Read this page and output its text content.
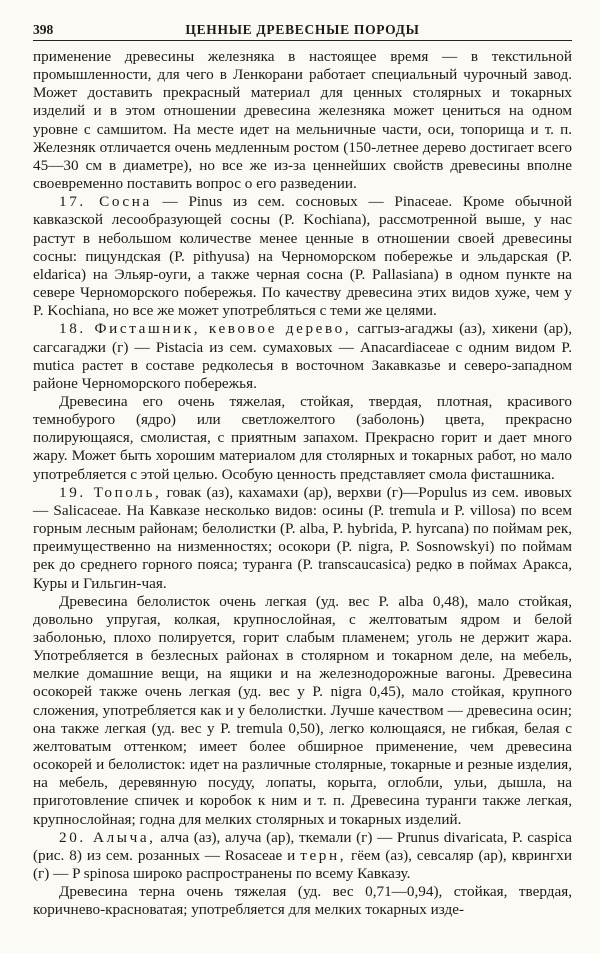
398	ЦЕННЫЕ ДРЕВЕСНЫЕ ПОРОДЫ

применение древесины железняка в настоящее время — в текстильной промышленности, для чего в Ленкорани работает специальный чурочный завод. Может доставить прекрасный материал для ценных столярных и токарных изделий и в этом отношении древесина железняка может цениться на одном уровне с самшитом. На месте идет на мельничные части, оси, топорища и т. п. Железняк отличается очень медленным ростом (150-летнее дерево достигает всего 45—30 см в диаметре), но все же из-за ценнейших свойств древесины вполне своевременно поставить вопрос о его разведении.

17. Сосна — Pinus из сем. сосновых — Pinaceae. Кроме обычной кавказской лесообразующей сосны (P. Kochiana), рассмотренной выше, у нас растут в небольшом количестве менее ценные в отношении своей древесины сосны: пицундская (P. pithyusa) на Черноморском побережье и эльдарская (P. eldarica) на Эльяр-оуги, а также черная сосна (P. Pallasiana) в одном пункте на севере Черноморского побережья. По качеству древесина этих видов хуже, чем у P. Kochiana, но все же может употребляться с теми же целями.

18. Фисташник, кевовое дерево, саггыз-агаджы (аз), хикени (ар), сагсагаджи (г) — Pistacia из сем. сумаховых — Anacardiaceae с одним видом P. mutica растет в составе редколесья в восточном Закавказье и северо-западном районе Черноморского побережья.

Древесина его очень тяжелая, стойкая, твердая, плотная, красивого темнобурого (ядро) или светложелтого (заболонь) цвета, прекрасно полирующаяся, смолистая, с приятным запахом. Прекрасно горит и дает много жару. Может быть хорошим материалом для столярных и токарных работ, но мало употребляется с этой целью. Особую ценность представляет смола фисташника.

19. Тополь, говак (аз), кахамахи (ар), верхви (г)—Populus из сем. ивовых — Salicaceae. На Кавказе несколько видов: осины (P. tremula и P. villosa) по всем горным лесным районам; белолистки (P. alba, P. hybrida, P. hyrcana) по поймам рек, преимущественно на низменностях; осокори (P. nigra, P. Sosnowskyi) по поймам рек до среднего горного пояса; туранга (P. transcaucasica) редко в поймах Аракса, Куры и Гильгин-чая.

Древесина белолисток очень легкая (уд. вес P. alba 0,48), мало стойкая, довольно упругая, колкая, крупнослойная, с желтоватым ядром и белой заболонью, плохо полируется, горит слабым пламенем; уголь не держит жара. Употребляется в безлесных районах в столярном и токарном деле, на мебель, мелкие домашние вещи, на ящики и на железнодорожные вагоны. Древесина осокорей также очень легкая (уд. вес у P. nigra 0,45), мало стойкая, крупного сложения, употребляется как и у белолистки. Лучше качеством — древесина осин; она также легкая (уд. вес у P. tremula 0,50), легко колющаяся, не гибкая, белая с желтоватым оттенком; имеет более обширное применение, чем древесина осокорей и белолисток: идет на различные столярные, токарные и резные изделия, на мебель, деревянную посуду, лопаты, корыта, оглобли, ульи, дышла, на приготовление спичек и коробок к ним и т. п. Древесина туранги также легкая, крупнослойная; годна для мелких столярных и токарных изделий.

20. Алыча, алча (аз), алуча (ар), ткемали (г) — Prunus divaricata, P. caspica (рис. 8) из сем. розанных — Rosaceae и терн, гёем (аз), севсаляр (ар), кврингхи (г) — P spinosa широко распространены по всему Кавказу.

Древесина терна очень тяжелая (уд. вес 0,71—0,94), стойкая, твердая, коричнево-красноватая; употребляется для мелких токарных изде-
